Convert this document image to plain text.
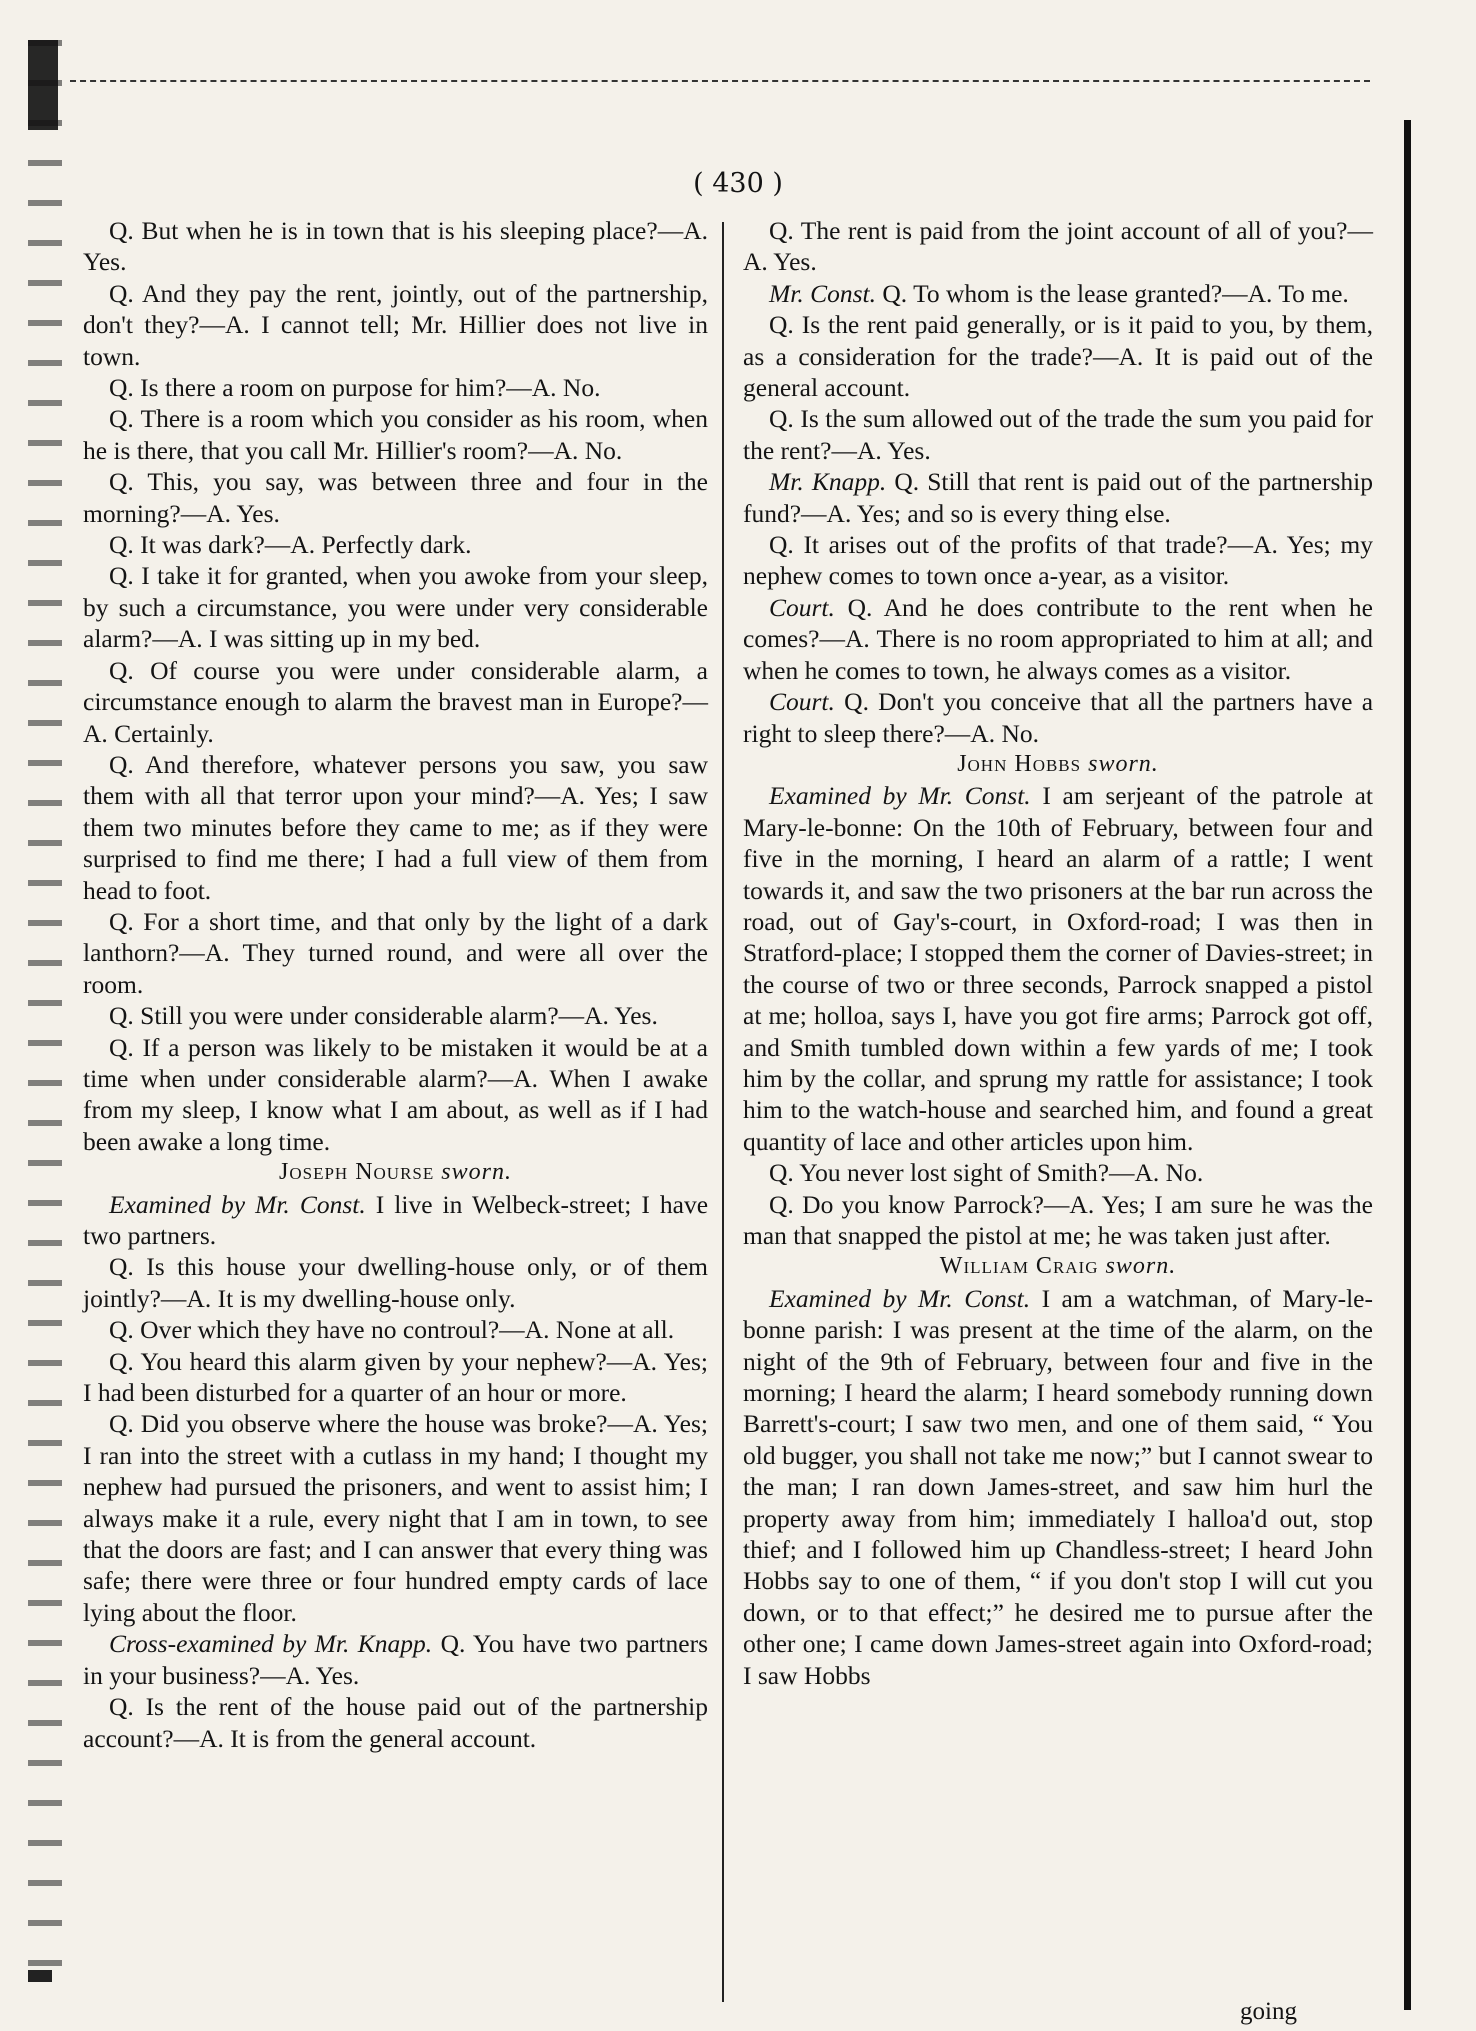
( 430 )

Q. But when he is in town that is his sleeping place?—A. Yes.

Q. And they pay the rent, jointly, out of the partnership, don't they?—A. I cannot tell; Mr. Hillier does not live in town.

Q. Is there a room on purpose for him?—A. No.

Q. There is a room which you consider as his room, when he is there, that you call Mr. Hillier's room?—A. No.

Q. This, you say, was between three and four in the morning?—A. Yes.

Q. It was dark?—A. Perfectly dark.

Q. I take it for granted, when you awoke from your sleep, by such a circumstance, you were under very considerable alarm?—A. I was sitting up in my bed.

Q. Of course you were under considerable alarm, a circumstance enough to alarm the bravest man in Europe?—A. Certainly.

Q. And therefore, whatever persons you saw, you saw them with all that terror upon your mind?—A. Yes; I saw them two minutes before they came to me; as if they were surprised to find me there; I had a full view of them from head to foot.

Q. For a short time, and that only by the light of a dark lanthorn?—A. They turned round, and were all over the room.

Q. Still you were under considerable alarm?—A. Yes.

Q. If a person was likely to be mistaken it would be at a time when under considerable alarm?—A. When I awake from my sleep, I know what I am about, as well as if I had been awake a long time.

Joseph Nourse sworn.

Examined by Mr. Const. I live in Welbeck-street; I have two partners.

Q. Is this house your dwelling-house only, or of them jointly?—A. It is my dwelling-house only.

Q. Over which they have no controul?—A. None at all.

Q. You heard this alarm given by your nephew?—A. Yes; I had been disturbed for a quarter of an hour or more.

Q. Did you observe where the house was broke?—A. Yes; I ran into the street with a cutlass in my hand; I thought my nephew had pursued the prisoners, and went to assist him; I always make it a rule, every night that I am in town, to see that the doors are fast; and I can answer that every thing was safe; there were three or four hundred empty cards of lace lying about the floor.

Cross-examined by Mr. Knapp. Q. You have two partners in your business?—A. Yes.

Q. Is the rent of the house paid out of the partnership account?—A. It is from the general account.

Q. The rent is paid from the joint account of all of you?—A. Yes.

Mr. Const. Q. To whom is the lease granted?—A. To me.

Q. Is the rent paid generally, or is it paid to you, by them, as a consideration for the trade?—A. It is paid out of the general account.

Q. Is the sum allowed out of the trade the sum you paid for the rent?—A. Yes.

Mr. Knapp. Q. Still that rent is paid out of the partnership fund?—A. Yes; and so is every thing else.

Q. It arises out of the profits of that trade?—A. Yes; my nephew comes to town once a-year, as a visitor.

Court. Q. And he does contribute to the rent when he comes?—A. There is no room appropriated to him at all; and when he comes to town, he always comes as a visitor.

Court. Q. Don't you conceive that all the partners have a right to sleep there?—A. No.

John Hobbs sworn.

Examined by Mr. Const. I am serjeant of the patrole at Mary-le-bonne: On the 10th of February, between four and five in the morning, I heard an alarm of a rattle; I went towards it, and saw the two prisoners at the bar run across the road, out of Gay's-court, in Oxford-road; I was then in Stratford-place; I stopped them the corner of Davies-street; in the course of two or three seconds, Parrock snapped a pistol at me; holloa, says I, have you got fire arms; Parrock got off, and Smith tumbled down within a few yards of me; I took him by the collar, and sprung my rattle for assistance; I took him to the watch-house and searched him, and found a great quantity of lace and other articles upon him.

Q. You never lost sight of Smith?—A. No.

Q. Do you know Parrock?—A. Yes; I am sure he was the man that snapped the pistol at me; he was taken just after.

William Craig sworn.

Examined by Mr. Const. I am a watchman, of Mary-le-bonne parish: I was present at the time of the alarm, on the night of the 9th of February, between four and five in the morning; I heard the alarm; I heard somebody running down Barrett's-court; I saw two men, and one of them said, “ You old bugger, you shall not take me now;” but I cannot swear to the man; I ran down James-street, and saw him hurl the property away from him; immediately I halloa'd out, stop thief; and I followed him up Chandless-street; I heard John Hobbs say to one of them, “ if you don't stop I will cut you down, or to that effect;” he desired me to pursue after the other one; I came down James-street again into Oxford-road; I saw Hobbs

going
